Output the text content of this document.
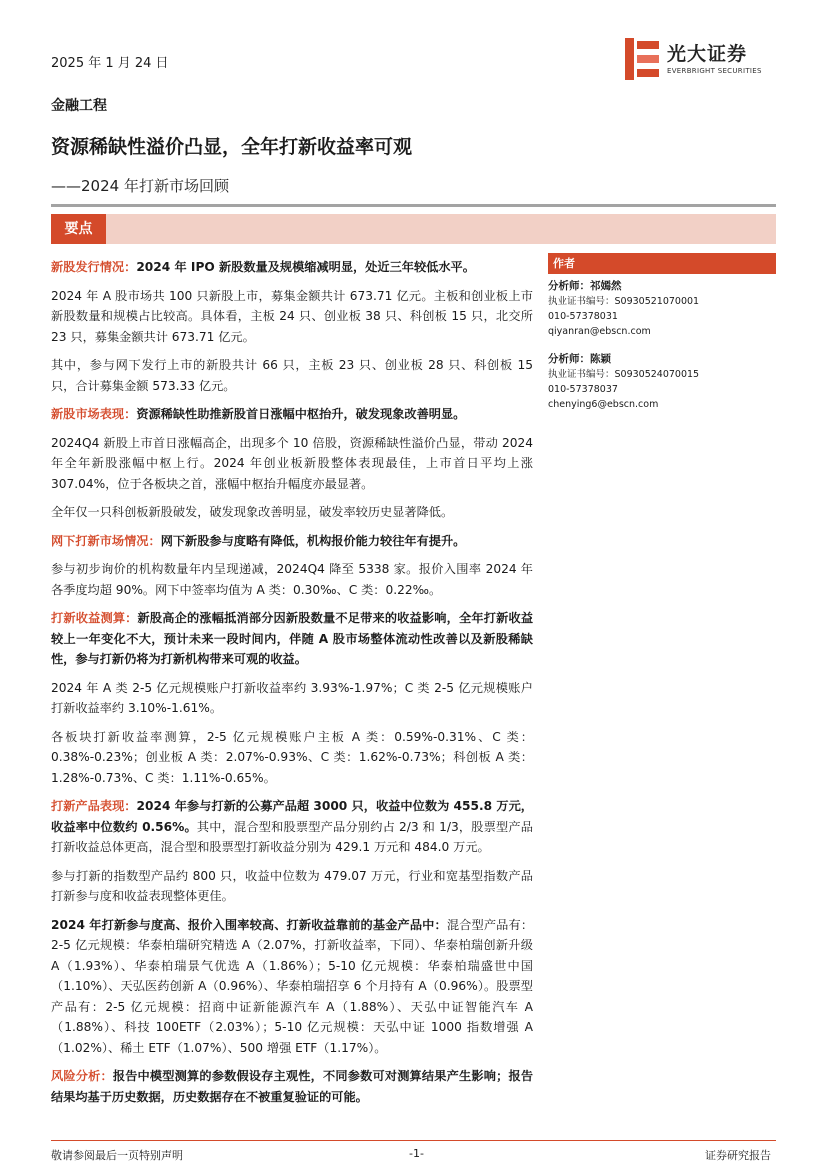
2025 年 1 月 24 日	光大证券
EVERBRIGHT SECURITIES
金融工程
资源稀缺性溢价凸显，全年打新收益率可观
——2024 年打新市场回顾
要点

新股发行情况：2024 年 IPO 新股数量及规模缩减明显，处近三年较低水平。

2024 年 A 股市场共 100 只新股上市，募集金额共计 673.71 亿元。主板和创业板上市新股数量和规模占比较高。具体看，主板 24 只、创业板 38 只、科创板 15 只，北交所 23 只，募集金额共计 673.71 亿元。

其中，参与网下发行上市的新股共计 66 只，主板 23 只、创业板 28 只、科创板 15 只，合计募集金额 573.33 亿元。

新股市场表现：资源稀缺性助推新股首日涨幅中枢抬升，破发现象改善明显。

2024Q4 新股上市首日涨幅高企，出现多个 10 倍股，资源稀缺性溢价凸显，带动 2024 年全年新股涨幅中枢上行。2024 年创业板新股整体表现最佳，上市首日平均上涨 307.04%，位于各板块之首，涨幅中枢抬升幅度亦最显著。

全年仅一只科创板新股破发，破发现象改善明显，破发率较历史显著降低。

网下打新市场情况：网下新股参与度略有降低，机构报价能力较往年有提升。

参与初步询价的机构数量年内呈现递减，2024Q4 降至 5338 家。报价入围率 2024 年各季度均超 90%。网下中签率均值为 A 类：0.30‰、C 类：0.22‰。

打新收益测算：新股高企的涨幅抵消部分因新股数量不足带来的收益影响，全年打新收益较上一年变化不大，预计未来一段时间内，伴随 A 股市场整体流动性改善以及新股稀缺性，参与打新仍将为打新机构带来可观的收益。

2024 年 A 类 2-5 亿元规模账户打新收益率约 3.93%-1.97%；C 类 2-5 亿元规模账户打新收益率约 3.10%-1.61%。

各板块打新收益率测算，2-5 亿元规模账户主板 A 类：0.59%-0.31%、C 类：0.38%-0.23%；创业板 A 类：2.07%-0.93%、C 类：1.62%-0.73%；科创板 A 类：1.28%-0.73%、C 类：1.11%-0.65%。

打新产品表现：2024 年参与打新的公募产品超 3000 只，收益中位数为 455.8 万元，收益率中位数约 0.56%。其中，混合型和股票型产品分别约占 2/3 和 1/3，股票型产品打新收益总体更高，混合型和股票型打新收益分别为 429.1 万元和 484.0 万元。

参与打新的指数型产品约 800 只，收益中位数为 479.07 万元，行业和宽基型指数产品打新参与度和收益表现整体更佳。

2024 年打新参与度高、报价入围率较高、打新收益靠前的基金产品中：混合型产品有：2-5 亿元规模：华泰柏瑞研究精选 A（2.07%，打新收益率，下同）、华泰柏瑞创新升级 A（1.93%）、华泰柏瑞景气优选 A（1.86%）；5-10 亿元规模：华泰柏瑞盛世中国（1.10%）、天弘医药创新 A（0.96%）、华泰柏瑞招享 6 个月持有 A（0.96%）。股票型产品有：2-5 亿元规模：招商中证新能源汽车 A（1.88%）、天弘中证智能汽车 A（1.88%）、科技 100ETF（2.03%）；5-10 亿元规模：天弘中证 1000 指数增强 A（1.02%）、稀土 ETF（1.07%）、500 增强 ETF（1.17%）。

风险分析：报告中模型测算的参数假设存主观性，不同参数可对测算结果产生影响；报告结果均基于历史数据，历史数据存在不被重复验证的可能。

作者
分析师：祁嫣然
执业证书编号：S0930521070001
010-57378031
qiyanran@ebscn.com
分析师：陈颖
执业证书编号：S0930524070015
010-57378037
chenying6@ebscn.com
敬请参阅最后一页特别声明	-1-	证券研究报告
